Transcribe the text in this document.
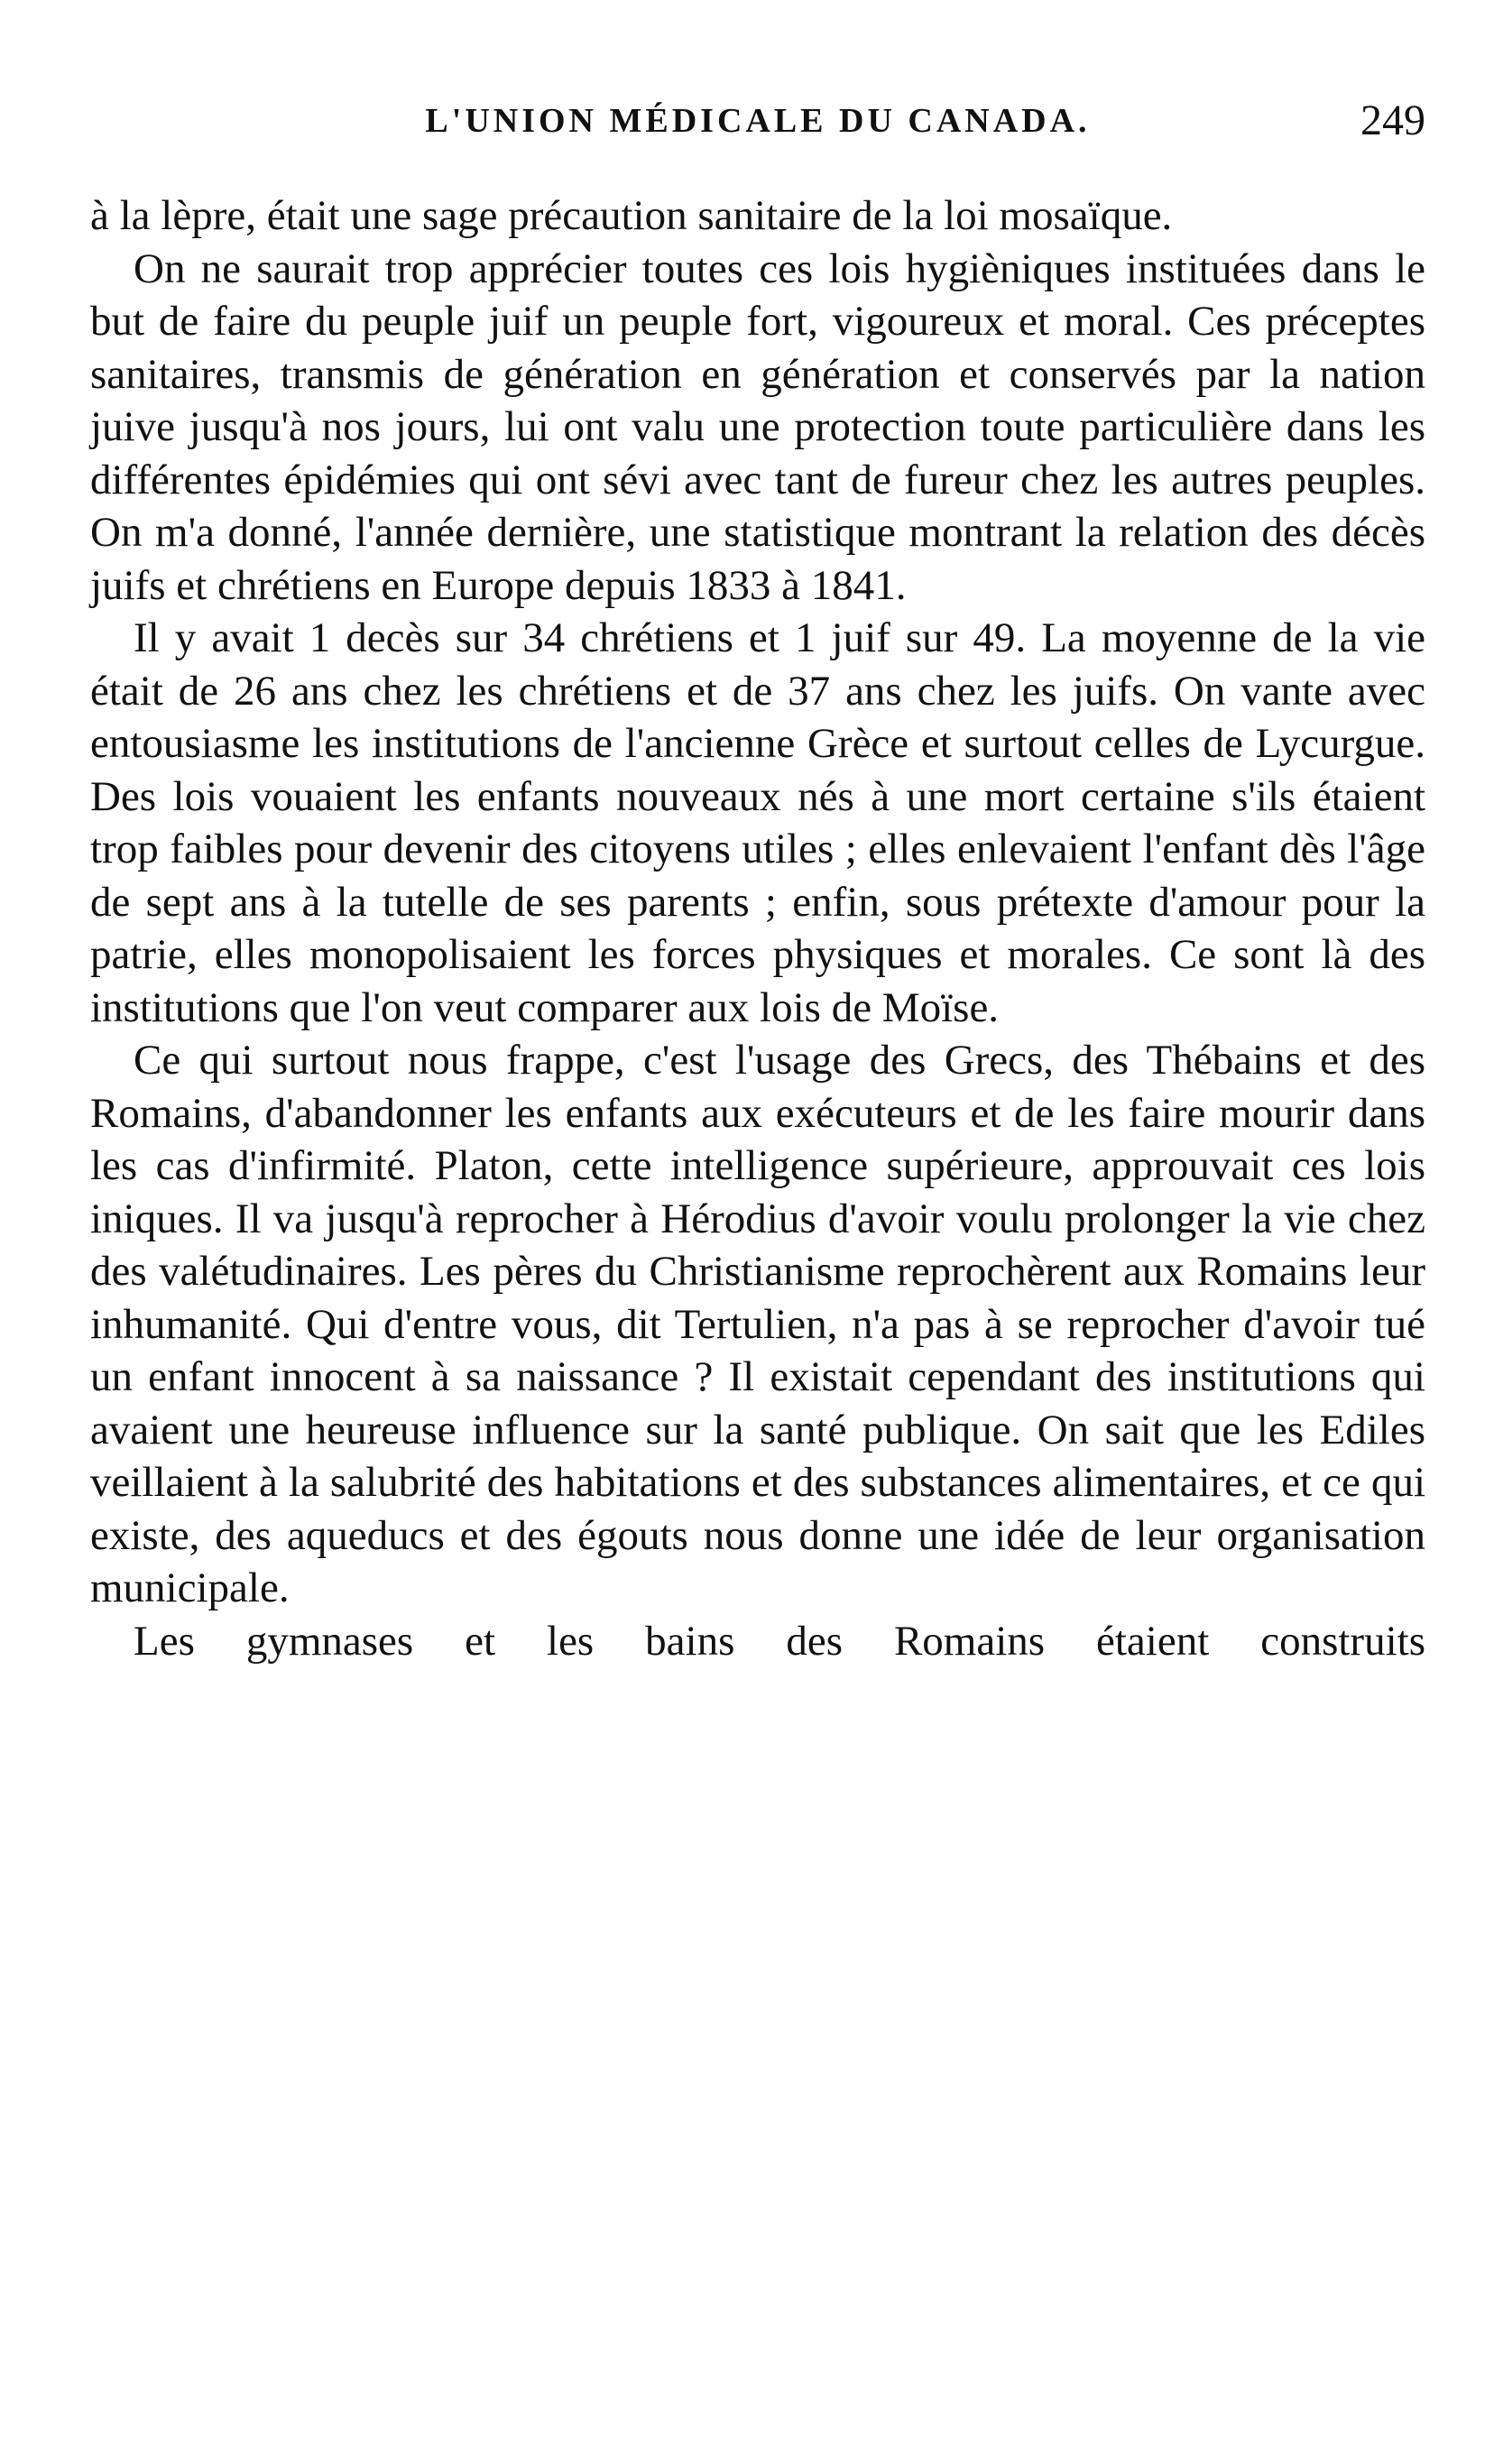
L'UNION MÉDICALE DU CANADA.	249

à la lèpre, était une sage précaution sanitaire de la loi mosaïque.

On ne saurait trop apprécier toutes ces lois hygièniques instituées dans le but de faire du peuple juif un peuple fort, vigoureux et moral. Ces préceptes sanitaires, transmis de génération en génération et conservés par la nation juive jusqu'à nos jours, lui ont valu une protection toute particulière dans les différentes épidémies qui ont sévi avec tant de fureur chez les autres peuples. On m'a donné, l'année dernière, une statistique montrant la relation des décès juifs et chrétiens en Europe depuis 1833 à 1841.

Il y avait 1 decès sur 34 chrétiens et 1 juif sur 49. La moyenne de la vie était de 26 ans chez les chrétiens et de 37 ans chez les juifs. On vante avec entousiasme les institutions de l'ancienne Grèce et surtout celles de Lycurgue. Des lois vouaient les enfants nouveaux nés à une mort certaine s'ils étaient trop faibles pour devenir des citoyens utiles ; elles enlevaient l'enfant dès l'âge de sept ans à la tutelle de ses parents ; enfin, sous prétexte d'amour pour la patrie, elles monopolisaient les forces physiques et morales. Ce sont là des institutions que l'on veut comparer aux lois de Moïse.

Ce qui surtout nous frappe, c'est l'usage des Grecs, des Thébains et des Romains, d'abandonner les enfants aux exécuteurs et de les faire mourir dans les cas d'infirmité. Platon, cette intelligence supérieure, approuvait ces lois iniques. Il va jusqu'à reprocher à Hérodius d'avoir voulu prolonger la vie chez des valétudinaires. Les pères du Christianisme reprochèrent aux Romains leur inhumanité. Qui d'entre vous, dit Tertulien, n'a pas à se reprocher d'avoir tué un enfant innocent à sa naissance ? Il existait cependant des institutions qui avaient une heureuse influence sur la santé publique. On sait que les Ediles veillaient à la salubrité des habitations et des substances alimentaires, et ce qui existe, des aqueducs et des égouts nous donne une idée de leur organisation municipale.

Les gymnases et les bains des Romains étaient construits
